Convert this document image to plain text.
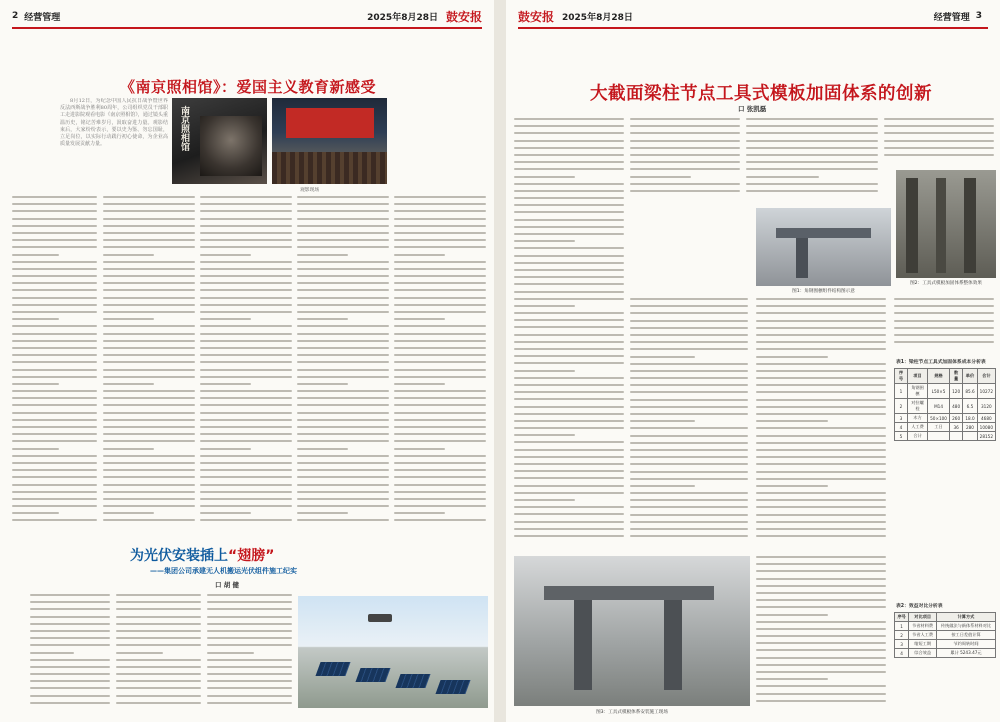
2 经营管理	2025年8月28日 鼓安报
《南京照相馆》：爱国主义教育新感受

8月12日，为纪念中国人民抗日战争暨世界反法西斯战争胜利80周年，公司组织党员干部职工走进影院观看电影《南京照相馆》，通过镜头重温历史，铭记苦难岁月，汲取奋进力量。观影结束后，大家纷纷表示，要以史为鉴、勿忘国耻，立足岗位，以实际行动践行初心使命，为企业高质量发展贡献力量。	南京照相馆
观影现场
为光伏安装插上“翅膀”
——集团公司承建无人机搬运光伏组件施工纪实
口 胡 健
鼓安报 2025年8月28日	经营管理 3
大截面梁柱节点工具式模板加固体系的创新
口 张凯磊
图1：角钢围檩组件结构图示意
图2：工具式模板加固体系整体效果
表1：梁柱节点工具式加固体系成本分析表
序号	项目	规格	数量	单价	合计
1	角钢围檩	L50×5	120	85.6	10272
2	对拉螺栓	M14	480	6.5	3120
3	木方	50×100	260	18.0	4680
4	人工费	工日	36	280	10080
5	合计				28152
图3：工具式模板体系安装施工现场
表2：效益对比分析表
序号	对比项目	计算方式
1	节省材料费	传统做法与新体系材料对比
2	节省人工费	按工日差值计算
3	缩短工期	节约周转时间
4	综合效益	累计 5243.47元
